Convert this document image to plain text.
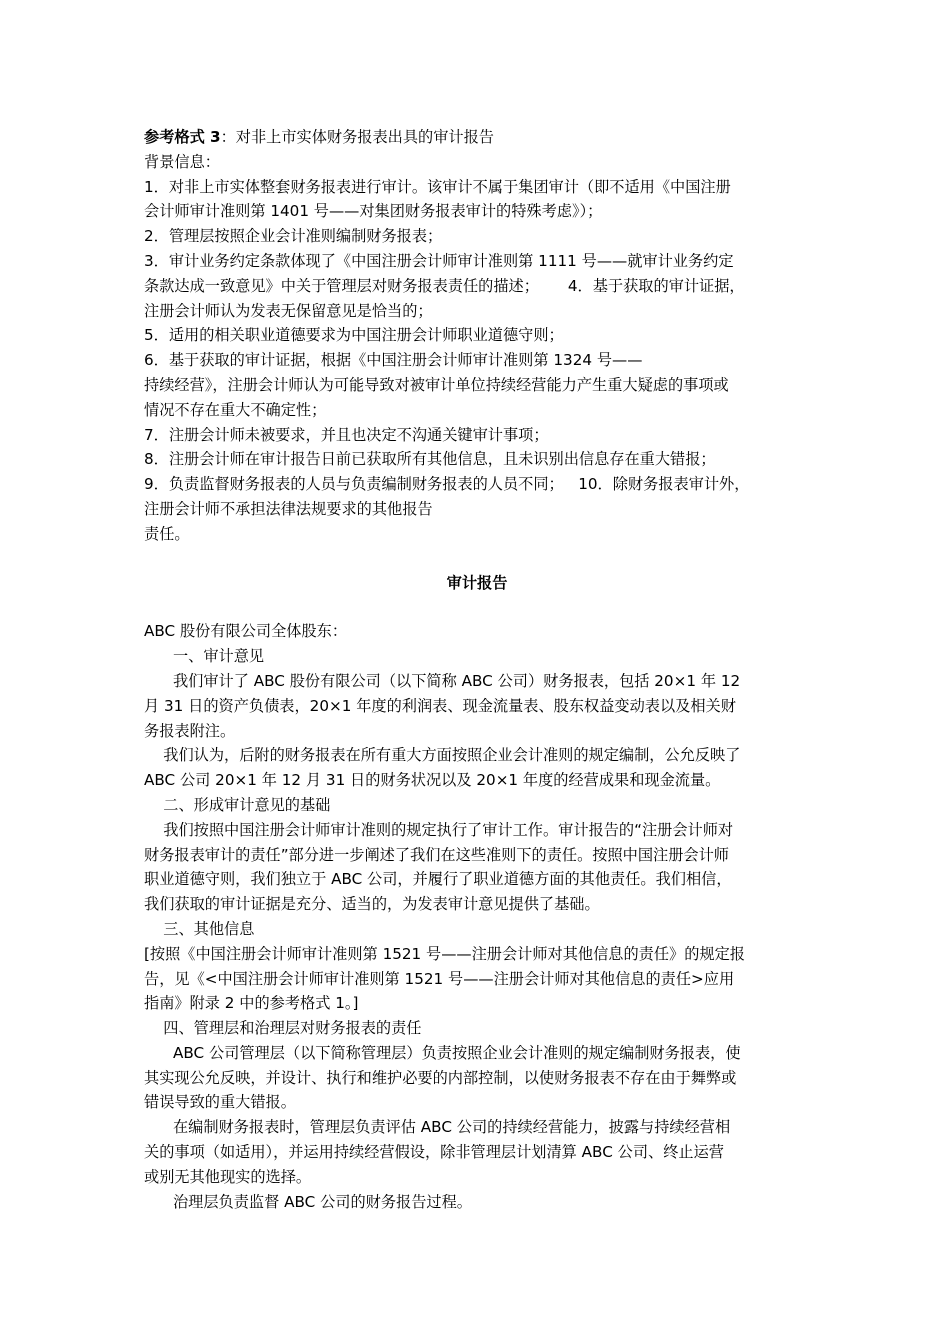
参考格式 3：对非上市实体财务报表出具的审计报告
背景信息：
1．对非上市实体整套财务报表进行审计。该审计不属于集团审计（即不适用《中国注册
会计师审计准则第 1401 号——对集团财务报表审计的特殊考虑》）；
2．管理层按照企业会计准则编制财务报表；
3．审计业务约定条款体现了《中国注册会计师审计准则第 1111 号——就审计业务约定
条款达成一致意见》中关于管理层对财务报表责任的描述；      4．基于获取的审计证据，
注册会计师认为发表无保留意见是恰当的；
5．适用的相关职业道德要求为中国注册会计师职业道德守则；
6．基于获取的审计证据，根据《中国注册会计师审计准则第 1324 号——
持续经营》，注册会计师认为可能导致对被审计单位持续经营能力产生重大疑虑的事项或
情况不存在重大不确定性；
7．注册会计师未被要求，并且也决定不沟通关键审计事项；
8．注册会计师在审计报告日前已获取所有其他信息，且未识别出信息存在重大错报；
9．负责监督财务报表的人员与负责编制财务报表的人员不同；   10．除财务报表审计外，
注册会计师不承担法律法规要求的其他报告
责任。
审计报告
ABC 股份有限公司全体股东：
一、审计意见
我们审计了 ABC 股份有限公司（以下简称 ABC 公司）财务报表，包括 20×1 年 12
月 31 日的资产负债表，20×1 年度的利润表、现金流量表、股东权益变动表以及相关财
务报表附注。
我们认为，后附的财务报表在所有重大方面按照企业会计准则的规定编制，公允反映了
ABC 公司 20×1 年 12 月 31 日的财务状况以及 20×1 年度的经营成果和现金流量。
二、形成审计意见的基础
我们按照中国注册会计师审计准则的规定执行了审计工作。审计报告的“注册会计师对
财务报表审计的责任”部分进一步阐述了我们在这些准则下的责任。按照中国注册会计师
职业道德守则，我们独立于 ABC 公司，并履行了职业道德方面的其他责任。我们相信，
我们获取的审计证据是充分、适当的，为发表审计意见提供了基础。
三、其他信息
[按照《中国注册会计师审计准则第 1521 号——注册会计师对其他信息的责任》的规定报
告，见《<中国注册会计师审计准则第 1521 号——注册会计师对其他信息的责任>应用
指南》附录 2 中的参考格式 1。]
四、管理层和治理层对财务报表的责任
ABC 公司管理层（以下简称管理层）负责按照企业会计准则的规定编制财务报表，使
其实现公允反映，并设计、执行和维护必要的内部控制，以使财务报表不存在由于舞弊或
错误导致的重大错报。
在编制财务报表时，管理层负责评估 ABC 公司的持续经营能力，披露与持续经营相
关的事项（如适用），并运用持续经营假设，除非管理层计划清算 ABC 公司、终止运营
或别无其他现实的选择。
治理层负责监督 ABC 公司的财务报告过程。
